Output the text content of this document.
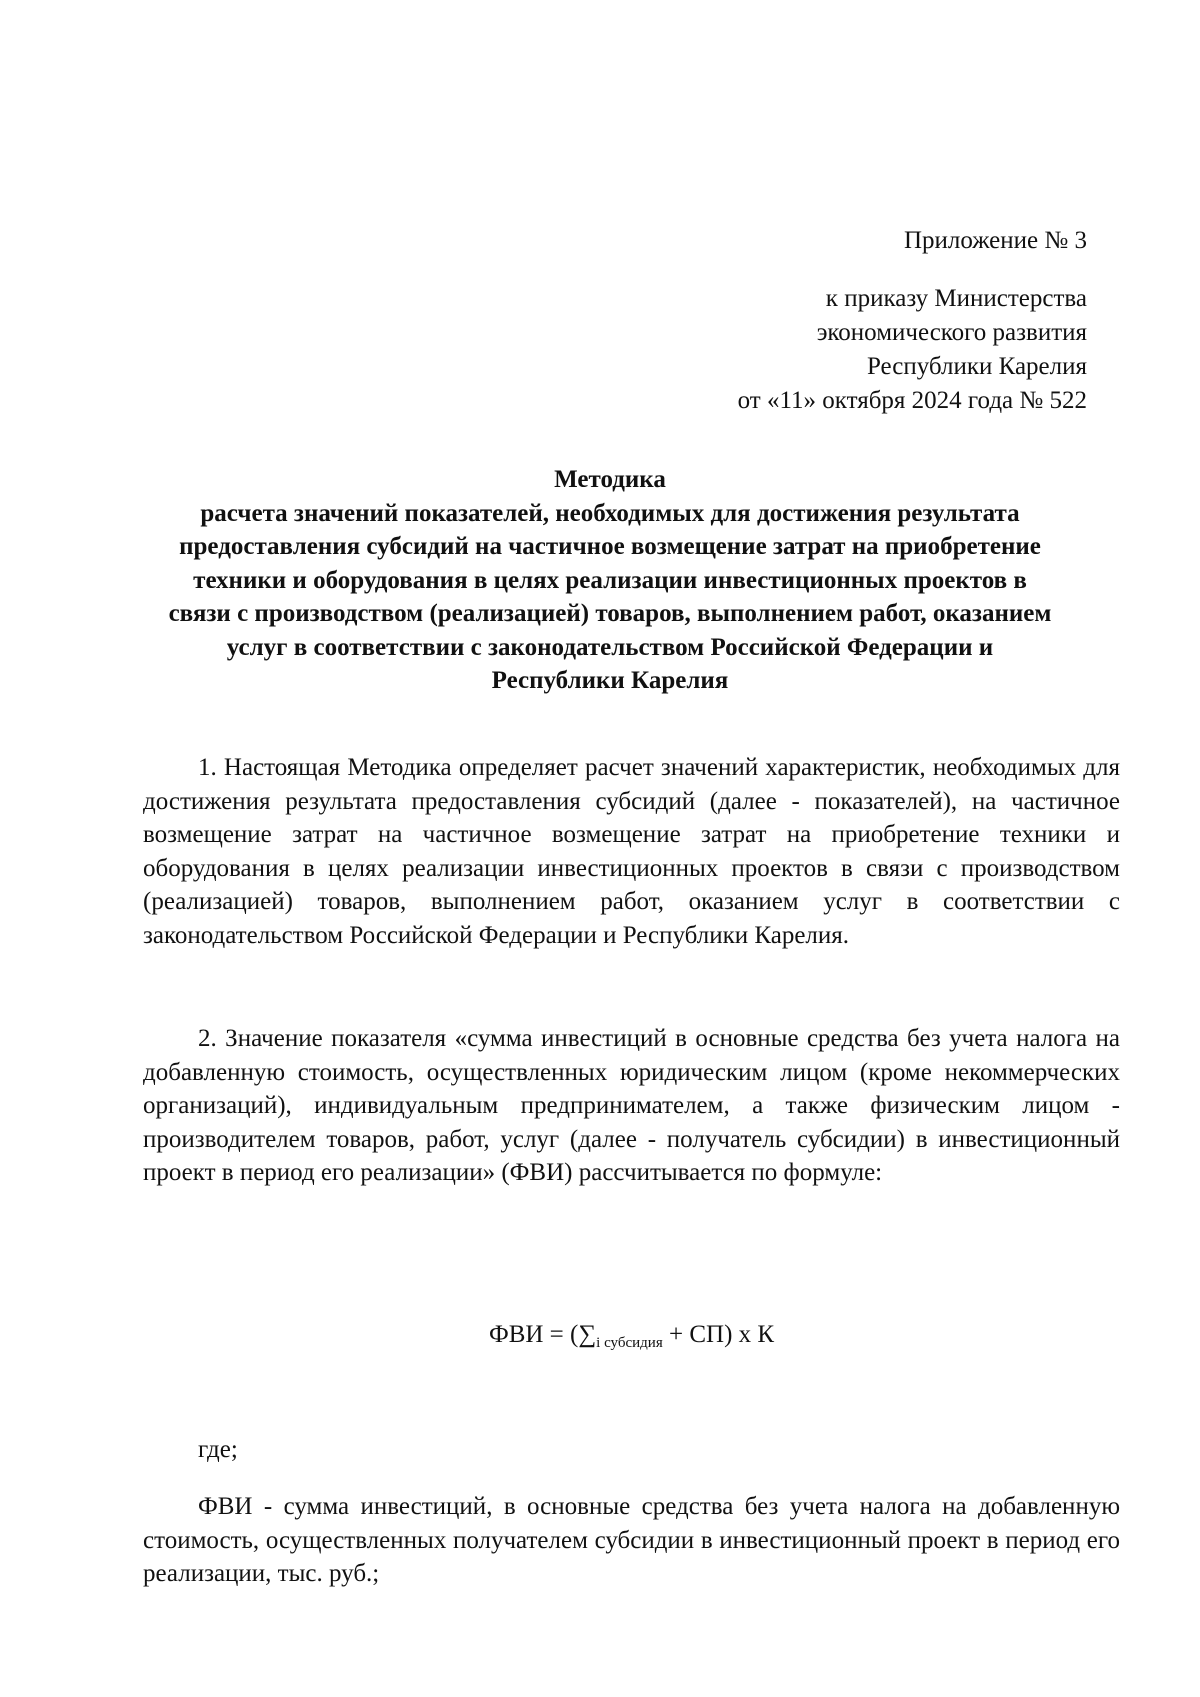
Приложение № 3
к приказу Министерства
экономического развития
Республики Карелия
от «11» октября 2024 года № 522
Методика
расчета значений показателей, необходимых для достижения результата
предоставления субсидий на частичное возмещение затрат на приобретение
техники и оборудования в целях реализации инвестиционных проектов в
связи с производством (реализацией) товаров, выполнением работ, оказанием
услуг в соответствии с законодательством Российской Федерации и
Республики Карелия

1. Настоящая Методика определяет расчет значений характеристик, необходимых для достижения результата предоставления субсидий (далее - показателей), на частичное возмещение затрат на частичное возмещение затрат на приобретение техники и оборудования в целях реализации инвестиционных проектов в связи с производством (реализацией) товаров, выполнением работ, оказанием услуг в соответствии с законодательством Российской Федерации и Республики Карелия.

2. Значение показателя «сумма инвестиций в основные средства без учета налога на добавленную стоимость, осуществленных юридическим лицом (кроме некоммерческих организаций), индивидуальным предпринимателем, а также физическим лицом - производителем товаров, работ, услуг (далее - получатель субсидии) в инвестиционный проект в период его реализации» (ФВИ) рассчитывается по формуле:

ФВИ = $(\sum_{i субсидия} + СП)$ х К
где;

ФВИ - сумма инвестиций, в основные средства без учета налога на добавленную стоимость, осуществленных получателем субсидии в инвестиционный проект в период его реализации, тыс. руб.;
